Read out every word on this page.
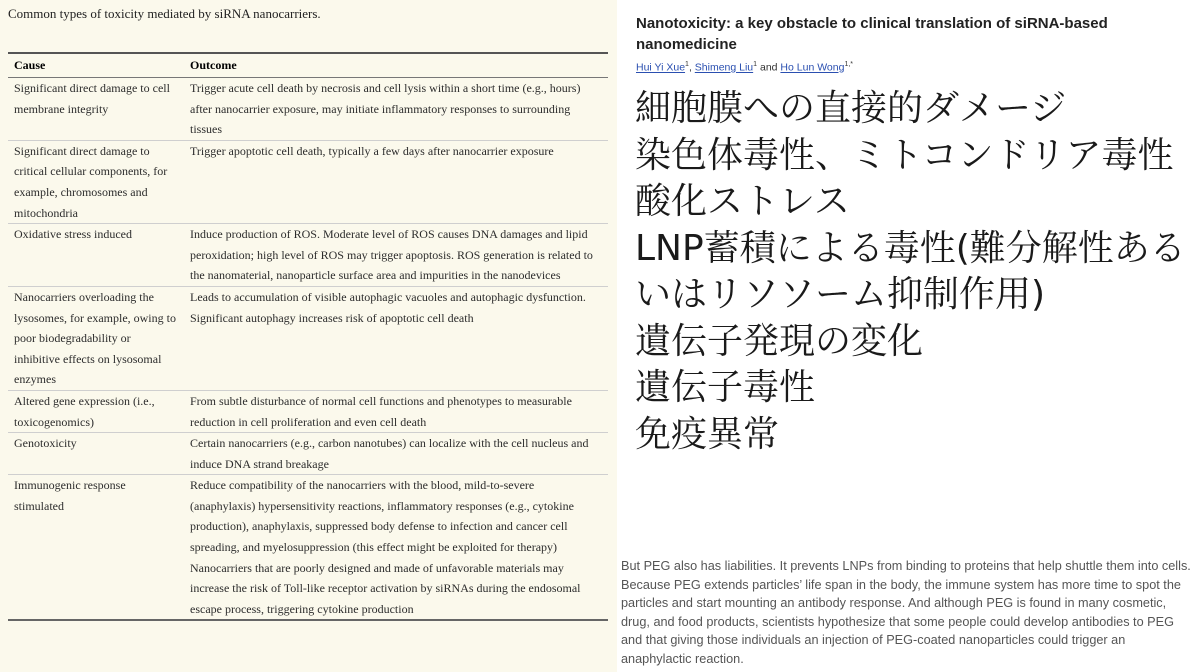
Common types of toxicity mediated by siRNA nanocarriers.
Cause	Outcome
Significant direct damage to cell membrane integrity	Trigger acute cell death by necrosis and cell lysis within a short time (e.g., hours) after nanocarrier exposure, may initiate inflammatory responses to surrounding tissues
Significant direct damage to critical cellular components, for example, chromosomes and mitochondria	Trigger apoptotic cell death, typically a few days after nanocarrier exposure
Oxidative stress induced	Induce production of ROS. Moderate level of ROS causes DNA damages and lipid peroxidation; high level of ROS may trigger apoptosis. ROS generation is related to the nanomaterial, nanoparticle surface area and impurities in the nanodevices
Nanocarriers overloading the lysosomes, for example, owing to poor biodegradability or inhibitive effects on lysosomal enzymes	Leads to accumulation of visible autophagic vacuoles and autophagic dysfunction. Significant autophagy increases risk of apoptotic cell death
Altered gene expression (i.e., toxicogenomics)	From subtle disturbance of normal cell functions and phenotypes to measurable reduction in cell proliferation and even cell death
Genotoxicity	Certain nanocarriers (e.g., carbon nanotubes) can localize with the cell nucleus and induce DNA strand breakage
Immunogenic response stimulated	Reduce compatibility of the nanocarriers with the blood, mild-to-severe (anaphylaxis) hypersensitivity reactions, inflammatory responses (e.g., cytokine production), anaphylaxis, suppressed body defense to infection and cancer cell spreading, and myelosuppression (this effect might be exploited for therapy) Nanocarriers that are poorly designed and made of unfavorable materials may increase the risk of Toll-like receptor activation by siRNAs during the endosomal escape process, triggering cytokine production
Nanotoxicity: a key obstacle to clinical translation of siRNA-based nanomedicine
Hui Yi Xue$^1$, Shimeng Liu$^1$ and Ho Lun Wong$^{1,*}$
細胞膜への直接的ダメージ
染色体毒性、ミトコンドリア毒性
酸化ストレス
LNP蓄積による毒性(難分解性あるいはリソソーム抑制作用)
遺伝子発現の変化
遺伝子毒性
免疫異常
But PEG also has liabilities. It prevents LNPs from binding to proteins that help shuttle them into cells. Because PEG extends particles’ life span in the body, the immune system has more time to spot the particles and start mounting an antibody response. And although PEG is found in many cosmetic, drug, and food products, scientists hypothesize that some people could develop antibodies to PEG and that giving those individuals an injection of PEG-coated nanoparticles could trigger an anaphylactic reaction.
